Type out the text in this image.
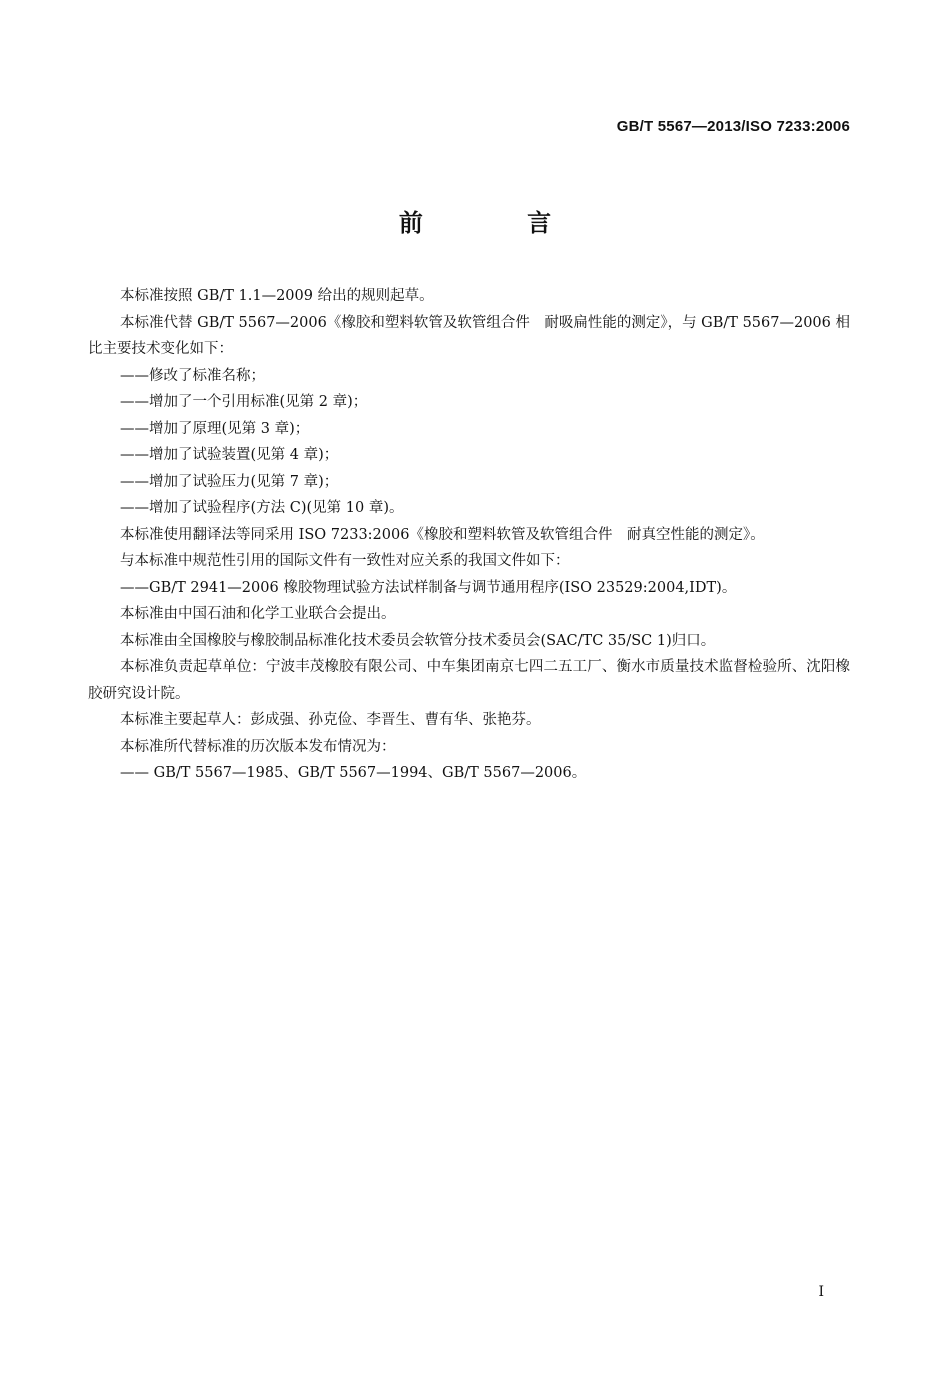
GB/T 5567—2013/ISO 7233:2006
前 言

本标准按照 GB/T 1.1—2009 给出的规则起草。

本标准代替 GB/T 5567—2006《橡胶和塑料软管及软管组合件　耐吸扁性能的测定》，与 GB/T 5567—2006 相比主要技术变化如下：

——修改了标准名称；

——增加了一个引用标准(见第 2 章)；

——增加了原理(见第 3 章)；

——增加了试验装置(见第 4 章)；

——增加了试验压力(见第 7 章)；

——增加了试验程序(方法 C)(见第 10 章)。

本标准使用翻译法等同采用 ISO 7233:2006《橡胶和塑料软管及软管组合件　耐真空性能的测定》。

与本标准中规范性引用的国际文件有一致性对应关系的我国文件如下：

——GB/T 2941—2006 橡胶物理试验方法试样制备与调节通用程序(ISO 23529:2004,IDT)。

本标准由中国石油和化学工业联合会提出。

本标准由全国橡胶与橡胶制品标准化技术委员会软管分技术委员会(SAC/TC 35/SC 1)归口。

本标准负责起草单位：宁波丰茂橡胶有限公司、中车集团南京七四二五工厂、衡水市质量技术监督检验所、沈阳橡胶研究设计院。

本标准主要起草人：彭成强、孙克俭、李晋生、曹有华、张艳芬。

本标准所代替标准的历次版本发布情况为：

—— GB/T 5567—1985、GB/T 5567—1994、GB/T 5567—2006。

I
